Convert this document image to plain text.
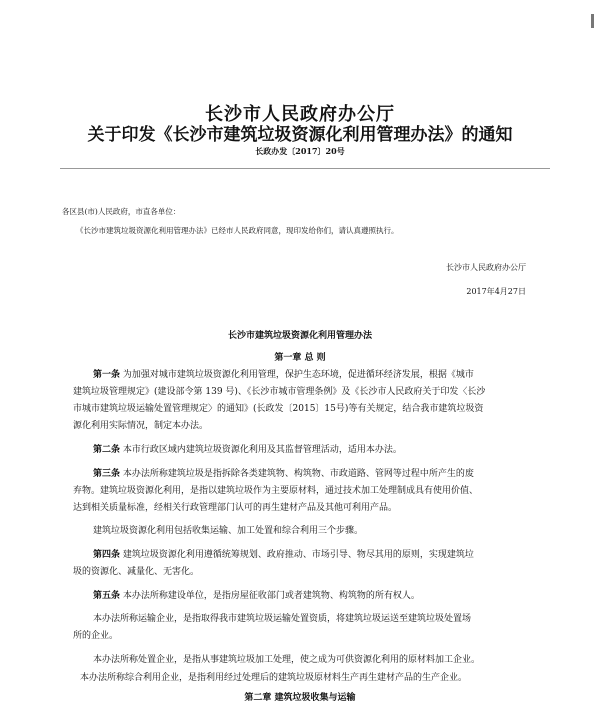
长沙市人民政府办公厅
关于印发《长沙市建筑垃圾资源化利用管理办法》的通知
长政办发〔2017〕20号
各区县(市)人民政府，市直各单位：
《长沙市建筑垃圾资源化利用管理办法》已经市人民政府同意，现印发给你们，请认真遵照执行。
长沙市人民政府办公厅
2017年4月27日
长沙市建筑垃圾资源化利用管理办法
第一章 总 则
第一条 为加强对城市建筑垃圾资源化利用管理，保护生态环境，促进循环经济发展，根据《城市
建筑垃圾管理规定》(建设部令第 139 号)、《长沙市城市管理条例》及《长沙市人民政府关于印发〈长沙
市城市建筑垃圾运输处置管理规定〉的通知》(长政发〔2015〕15号)等有关规定，结合我市建筑垃圾资
源化利用实际情况，制定本办法。
第二条 本市行政区域内建筑垃圾资源化利用及其监督管理活动，适用本办法。
第三条 本办法所称建筑垃圾是指拆除各类建筑物、构筑物、市政道路、管网等过程中所产生的废
弃物。建筑垃圾资源化利用，是指以建筑垃圾作为主要原材料，通过技术加工处理制成具有使用价值、
达到相关质量标准，经相关行政管理部门认可的再生建材产品及其他可利用产品。
建筑垃圾资源化利用包括收集运输、加工处置和综合利用三个步骤。
第四条 建筑垃圾资源化利用遵循统筹规划、政府推动、市场引导、物尽其用的原则，实现建筑垃
圾的资源化、减量化、无害化。
第五条 本办法所称建设单位，是指房屋征收部门或者建筑物、构筑物的所有权人。
本办法所称运输企业，是指取得我市建筑垃圾运输处置资质，将建筑垃圾运送至建筑垃圾处置场
所的企业。
本办法所称处置企业，是指从事建筑垃圾加工处理，使之成为可供资源化利用的原材料加工企业。
本办法所称综合利用企业，是指利用经过处理后的建筑垃圾原材料生产再生建材产品的生产企业。
第二章 建筑垃圾收集与运输
